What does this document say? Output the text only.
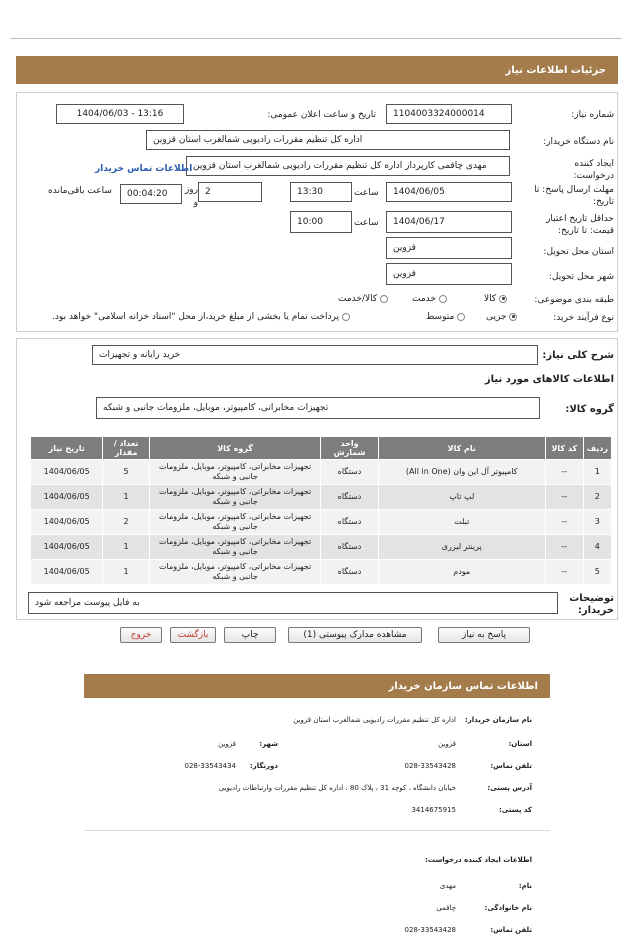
جزئیات اطلاعات نیاز
شماره نیاز:
1104003324000014
تاریخ و ساعت اعلان عمومی:
1404/06/03 - 13:16
نام دستگاه خریدار:
اداره کل تنظیم مقررات رادیویی شمالغرب استان قزوین
ایجاد کننده درخواست:
مهدی چاقمی کارپرداز اداره کل تنظیم مقررات رادیویی شمالغرب استان قزوین
اطلاعات تماس خریدار
مهلت ارسال پاسخ: تا تاریخ:
1404/06/05
ساعت
13:30
2
روز و
00:04:20
ساعت باقی‌مانده
حداقل تاریخ اعتبار قیمت: تا تاریخ:
1404/06/17
ساعت
10:00
استان محل تحویل:
قزوین
شهر محل تحویل:
قزوین
طبقه بندی موضوعی:
کالا
خدمت
کالا/خدمت
نوع فرآیند خرید:
جزیی
متوسط
پرداخت تمام یا بخشی از مبلغ خرید،از محل "اسناد خزانه اسلامی" خواهد بود.
شرح کلی نیاز:
خرید رایانه و تجهیزات
اطلاعات کالاهای مورد نیاز
گروه کالا:
تجهیزات مخابراتی، کامپیوتر، موبایل، ملزومات جانبی و شبکه
ردیف	کد کالا	نام کالا	واحد شمارش	گروه کالا	تعداد / مقدار	تاریخ نیاز
1	--	کامپیوتر آل این وان (All in One)	دستگاه	تجهیزات مخابراتی، کامپیوتر، موبایل، ملزومات جانبی و شبکه	5	1404/06/05
2	--	لپ تاپ	دستگاه	تجهیزات مخابراتی، کامپیوتر، موبایل، ملزومات جانبی و شبکه	1	1404/06/05
3	--	تبلت	دستگاه	تجهیزات مخابراتی، کامپیوتر، موبایل، ملزومات جانبی و شبکه	2	1404/06/05
4	--	پرینتر لیزری	دستگاه	تجهیزات مخابراتی، کامپیوتر، موبایل، ملزومات جانبی و شبکه	1	1404/06/05
5	--	مودم	دستگاه	تجهیزات مخابراتی، کامپیوتر، موبایل، ملزومات جانبی و شبکه	1	1404/06/05
توضیحات خریدار:
به فایل پیوست مراجعه شود
پاسخ به نیاز
مشاهده مدارک پیوستی (1)
چاپ
بازگشت
خروج
اطلاعات تماس سازمان خریدار
نام سازمان خریدار:
اداره کل تنظیم مقررات رادیویی شمالغرب استان قزوین
استان:
قزوین
شهر:
قزوین
تلفن تماس:
028-33543428
دورنگار:
028-33543434
آدرس پستی:
خیابان دانشگاه ، کوچه 31 ، پلاک 80 ، اداره کل تنظیم مقررات وارتباطات رادیویی
کد پستی:
3414675915
اطلاعات ایجاد کننده درخواست:
نام:
مهدی
نام خانوادگی:
چاقمی
تلفن تماس:
028-33543428
